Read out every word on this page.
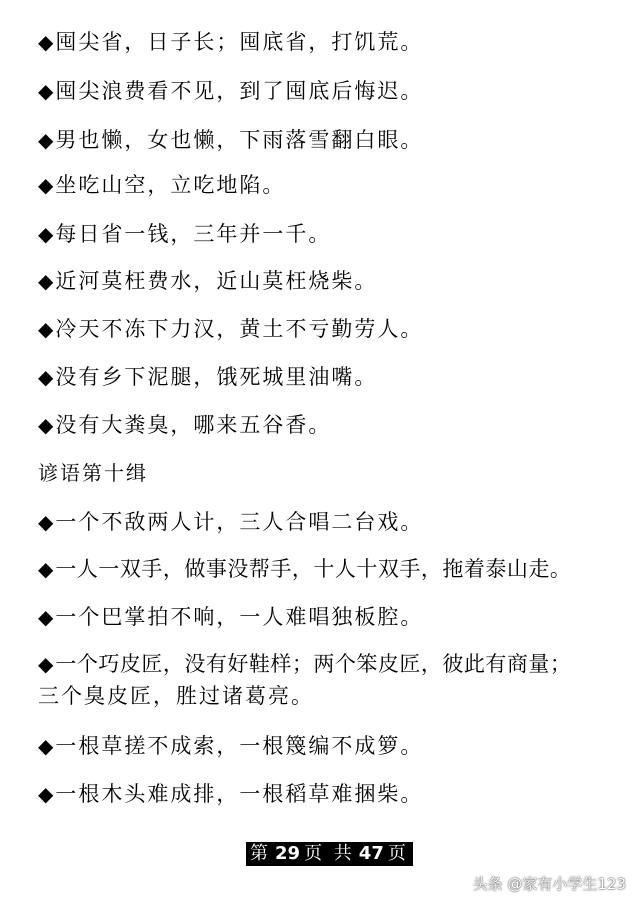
◆囤尖省，日子长；囤底省，打饥荒。
◆囤尖浪费看不见，到了囤底后悔迟。
◆男也懒，女也懒，下雨落雪翻白眼。
◆坐吃山空，立吃地陷。
◆每日省一钱，三年并一千。
◆近河莫枉费水，近山莫枉烧柴。
◆冷天不冻下力汉，黄土不亏勤劳人。
◆没有乡下泥腿，饿死城里油嘴。
◆没有大粪臭，哪来五谷香。
谚语第十缉
◆一个不敌两人计，三人合唱二台戏。
◆一人一双手，做事没帮手，十人十双手，拖着泰山走。
◆一个巴掌拍不响，一人难唱独板腔。
◆一个巧皮匠，没有好鞋样；两个笨皮匠，彼此有商量；
三个臭皮匠，胜过诸葛亮。
◆一根草搓不成索，一根篾编不成箩。
◆一根木头难成排，一根稻草难捆柴。
第 29 页 共 47 页
头条 @家有小学生123
